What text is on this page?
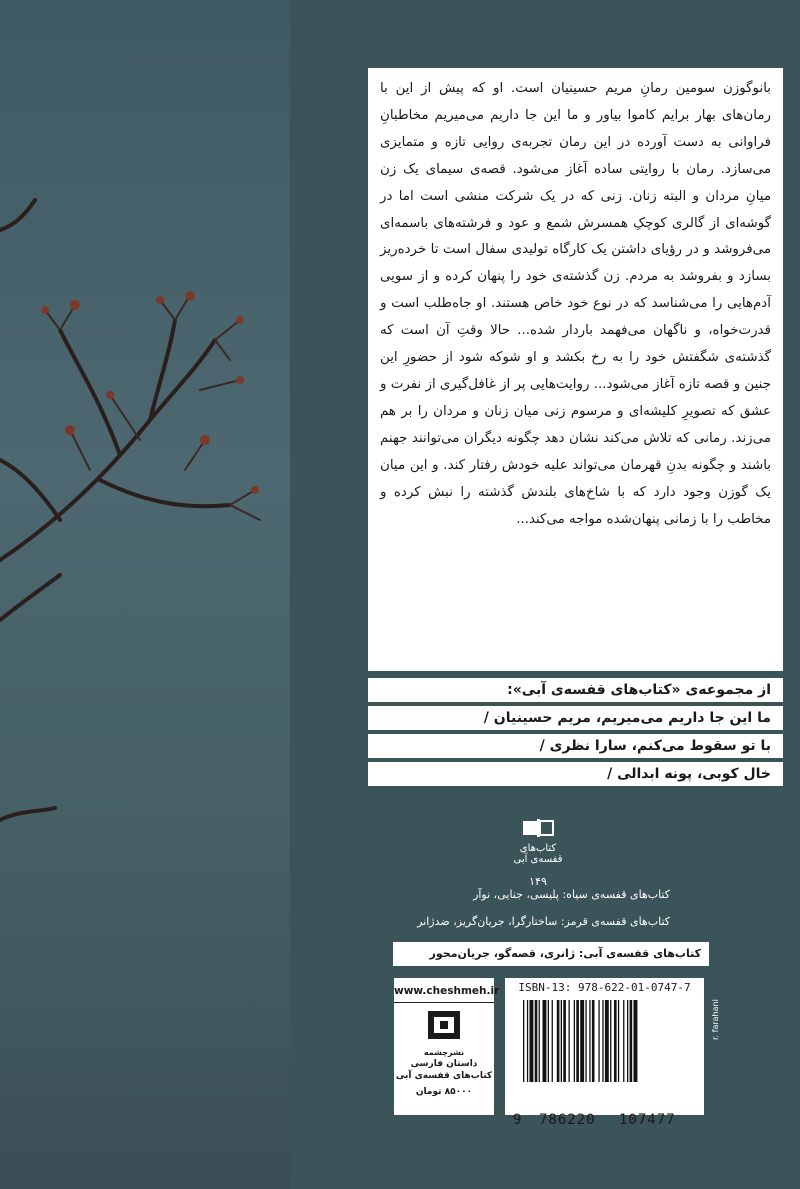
بانوگوزن سومین رمانِ مریم حسینیان است. او که پیش از این با رمان‌های بهار برایم کاموا بیاور و ما این جا داریم می‌میریم مخاطبانِ فراوانی به دست آورده در این رمان تجربه‌ی روایی تازه و متمایزی می‌سازد. رمان با روایتی ساده آغاز می‌شود. قصه‌ی سیمای یک زن میانِ مردان و البته زنان. زنی که در یک شرکت منشی است اما در گوشه‌ای از گالری کوچکِ همسرش شمع و عود و فرشته‌های باسمه‌ای می‌فروشد و در رؤیای داشتن یک کارگاه تولیدی سفال است تا خرده‌ریز بسازد و بفروشد به مردم. زن گذشته‌ی خود را پنهان کرده و از سویی آدم‌هایی را می‌شناسد که در نوع خود خاص هستند. او جاه‌طلب است و قدرت‌خواه، و ناگهان می‌فهمد باردار شده... حالا وقتِ آن است که گذشته‌ی شگفتش خود را به رخ بکشد و او شوکه شود از حضورِ این جنین و قصه تازه آغاز می‌شود... روایت‌هایی پر از غافل‌گیری از نفرت و عشق که تصویرِ کلیشه‌ای و مرسوم زنی میان زنان و مردان را بر هم می‌زند. رمانی که تلاش می‌کند نشان دهد چگونه دیگران می‌توانند جهنم باشند و چگونه بدنِ قهرمان می‌تواند علیه خودش رفتار کند. و این میان یک گوزن وجود دارد که با شاخ‌های بلندش گذشته را نبش کرده و مخاطب را با زمانی پنهان‌شده مواجه می‌کند...

از مجموعه‌ی «کتاب‌های قفسه‌ی آبی»:
ما این جا داریم می‌میریم، مریم حسینیان /
با تو سقوط می‌کنم، سارا نظری /
خال کوبی، پونه ابدالی /
کتاب‌های قفسه‌ی آبی
۱۴۹
کتاب‌های قفسه‌ی سیاه: پلیسی، جنایی، نوآر
کتاب‌های قفسه‌ی قرمز: ساختارگرا، جریان‌گریز، ضدژانر
کتاب‌های قفسه‌ی آبی: ژانری، قصه‌گو، جریان‌محور
www.cheshmeh.ir
نشرچشمه
داستان فارسی
کتاب‌های قفسه‌ی آبی
۸۵۰۰۰ تومان
ISBN-13: 978-622-01-0747-7
9 786220 107477
r. farahani
